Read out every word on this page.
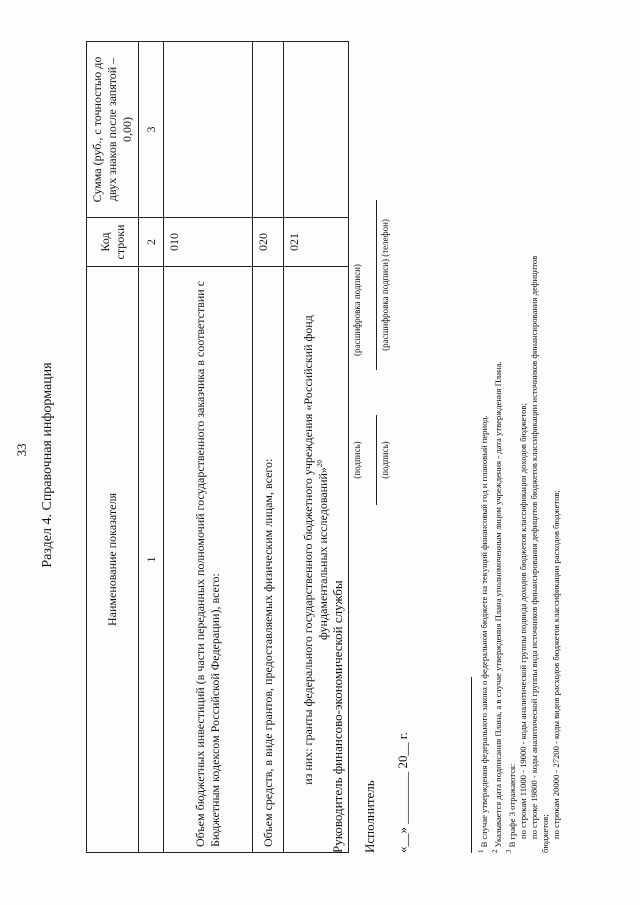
33 Раздел 4. Справочная информация	Наименование показателя	Код строки	Сумма (руб., с точностью до двух знаков после запятой – 0,00)
1	2	3
Объем бюджетных инвестиций (в части переданных полномочий государственного заказчика в соответствии с Бюджетным кодексом Российской Федерации), всего:	010	
Объем средств, в виде грантов, предоставляемых физическим лицам, всего:	020	
из них: гранты федерального государственного бюджетного учреждения «Российский фонд фундаментальных исследований»$^{20}$	021	
Руководитель финансово-экономической службы
(подпись)
(расшифровка подписи)
Исполнитель
(подпись)
(расшифровка подписи) (телефон)
«__» ________ 20__ г.	$^1$ В случае утверждения федерального закона о федеральном бюджете на текущий финансовый год и плановый период.
$^2$ Указывается дата подписания Плана, а в случае утверждения Плана уполномоченным лицом учреждения - дата утверждения Плана.
$^3$ В графе 3 отражаются: по строкам 11000 - 19000 - коды аналитической группы подвида доходов бюджетов классификации доходов бюджетов; по строке 19800 - коды аналитической группы вида источников финансирования дефицитов бюджетов классификации источников финансирования дефицитов бюджетов; по строкам 20000 - 27200 - коды видов расходов бюджетов классификации расходов бюджетов;
